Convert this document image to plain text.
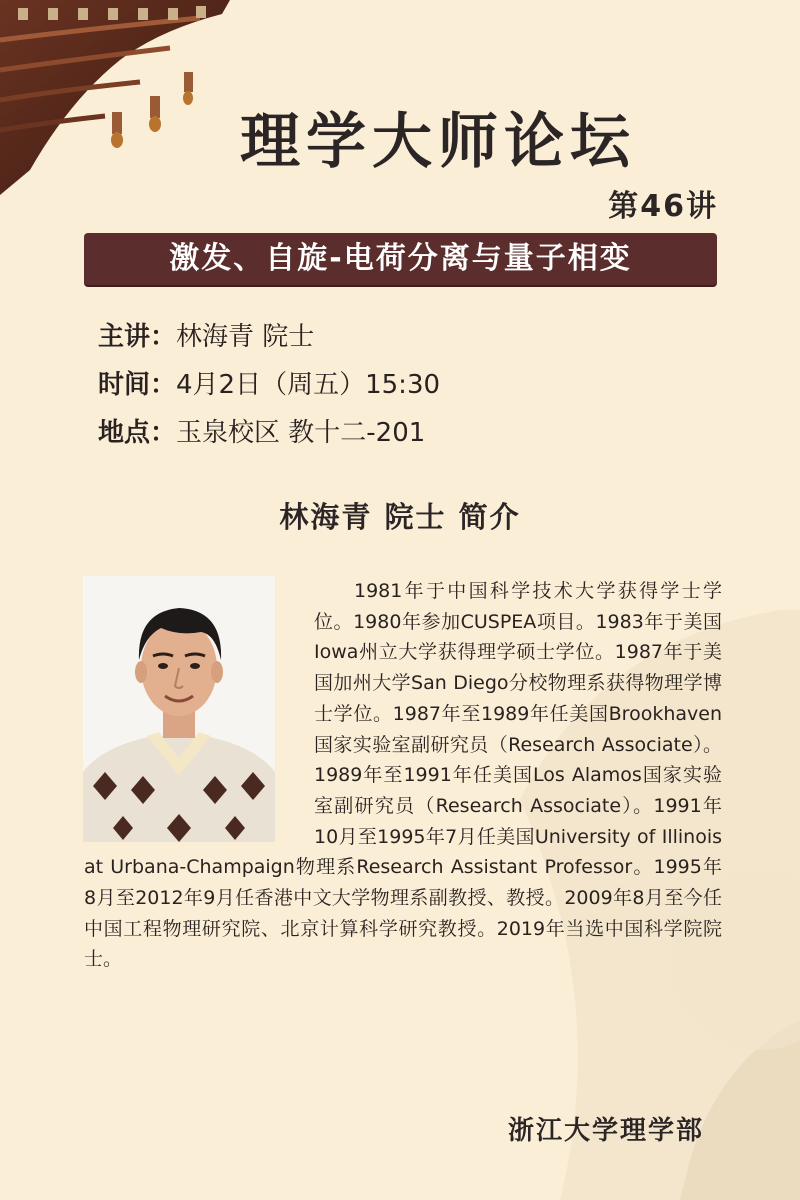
理学大师论坛
第46讲
激发、自旋-电荷分离与量子相变
主讲：林海青 院士
时间：4月2日（周五）15:30
地点：玉泉校区 教十二-201
林海青 院士 简介
1981年于中国科学技术大学获得学士学位。1980年参加CUSPEA项目。1983年于美国Iowa州立大学获得理学硕士学位。1987年于美国加州大学San Diego分校物理系获得物理学博士学位。1987年至1989年任美国Brookhaven国家实验室副研究员（Research Associate）。1989年至1991年任美国Los Alamos国家实验室副研究员（Research Associate）。1991年10月至1995年7月任美国University of Illinois at Urbana-Champaign物理系Research Assistant Professor。1995年8月至2012年9月任香港中文大学物理系副教授、教授。2009年8月至今任中国工程物理研究院、北京计算科学研究教授。2019年当选中国科学院院士。
浙江大学理学部
